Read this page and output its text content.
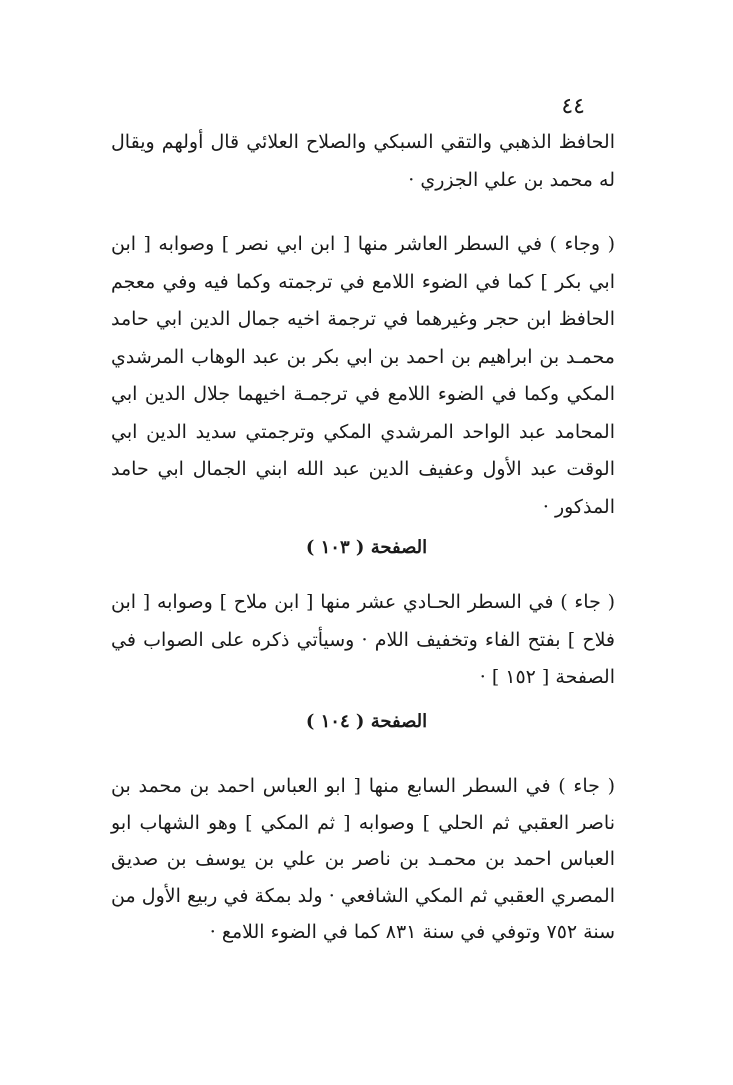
٤٤

الحافظ الذهبي والتقي السبكي والصلاح العلائي قال أولهم ويقال له محمد بن علي الجزري ·

( وجاء ) في السطر العاشر منها [ ابن ابي نصر ] وصوابه [ ابن ابي بكر ] كما في الضوء اللامع في ترجمته وكما فيه وفي معجم الحافظ ابن حجر وغيرهما في ترجمة اخيه جمال الدين ابي حامد محمـد بن ابراهيم بن احمد بن ابي بكر بن عبد الوهاب المرشدي المكي وكما في الضوء اللامع في ترجمـة اخيهما جلال الدين ابي المحامد عبد الواحد المرشدي المكي وترجمتي سديد الدين ابي الوقت عبد الأول وعفيف الدين عبد الله ابني الجمال ابي حامد المذكور ·

الصفحة ( ١٠٣ )

( جاء ) في السطر الحـادي عشر منها [ ابن ملاح ] وصوابه [ ابن فلاح ] بفتح الفاء وتخفيف اللام · وسيأتي ذكره على الصواب في الصفحة [ ١٥٢ ] ·

الصفحة ( ١٠٤ )

( جاء ) في السطر السابع منها [ ابو العباس احمد بن محمد بن ناصر العقبي ثم الحلي ] وصوابه [ ثم المكي ] وهو الشهاب ابو العباس احمد بن محمـد بن ناصر بن علي بن يوسف بن صديق المصري العقبي ثم المكي الشافعي · ولد بمكة في ربيع الأول من سنة ٧٥٢ وتوفي في سنة ٨٣١ كما في الضوء اللامع ·
